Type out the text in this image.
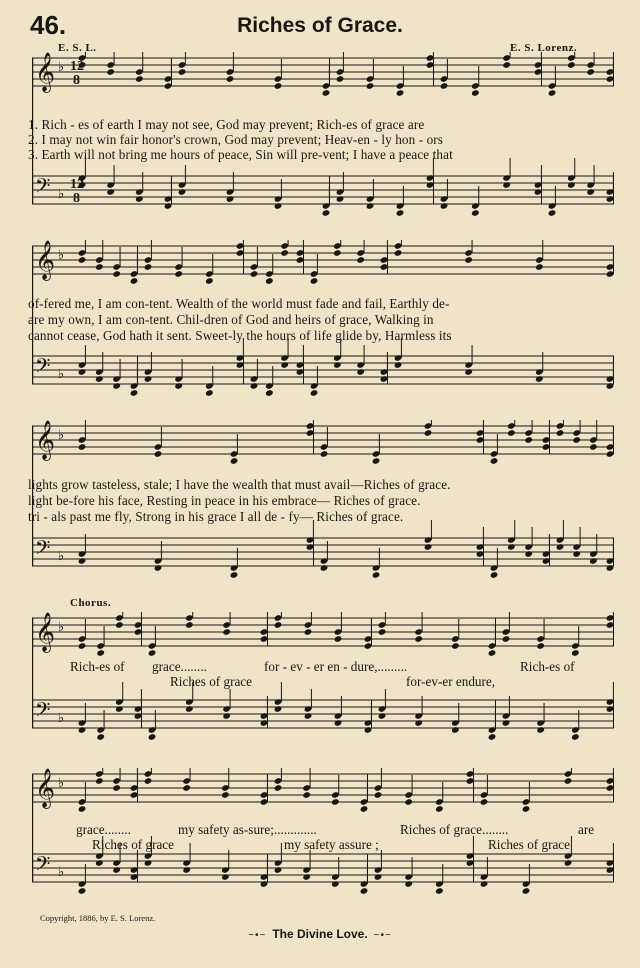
46.	Riches of Grace.
E. S. L.	E. S. Lorenz.
𝄞 ♭
𝄢 ♭
12
8
12
8
1. Rich - es of earth I may not see, God may prevent; Rich-es of grace are
2. I may not win fair honor's crown, God may prevent; Heav-en - ly hon - ors
3. Earth will not bring me hours of peace, Sin will pre-vent; I have a peace that
𝄞 ♭
𝄢 ♭
of-fered me, I am con-tent. Wealth of the world must fade and fail, Earthly de-
are my own, I am con-tent. Chil-dren of God and heirs of grace, Walking in
cannot cease, God hath it sent. Sweet-ly the hours of life glide by, Harmless its
𝄞 ♭
𝄢 ♭
lights grow tasteless, stale; I have the wealth that must avail—Riches of grace.
light be-fore his face, Resting in peace in his embrace— Riches of grace.
tri - als past me fly, Strong in his grace I all de - fy— Riches of grace.
Chorus.
𝄞 ♭
𝄢 ♭
Rich-es of grace........	for - ev - er en - dure,.........	Rich-es of
Riches of grace	for-ev-er endure,
𝄞 ♭
𝄢 ♭
grace........	my safety as-sure;.............	Riches of grace........	are
Riches of grace	my safety assure ;	Riches of grace
Copyright, 1886, by E. S. Lorenz.
~•~ The Divine Love. ~•~
